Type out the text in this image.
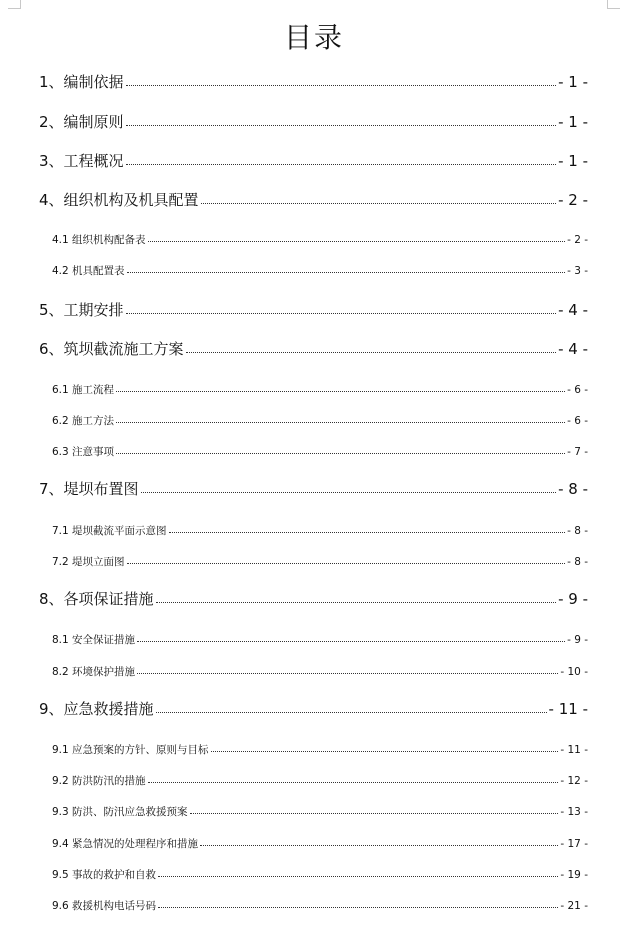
目录
1、编制依据	- 1 -
2、编制原则	- 1 -
3、工程概况	- 1 -
4、组织机构及机具配置	- 2 -
4.1 组织机构配备表	- 2 -
4.2 机具配置表	- 3 -
5、工期安排	- 4 -
6、筑坝截流施工方案	- 4 -
6.1 施工流程	- 6 -
6.2 施工方法	- 6 -
6.3 注意事项	- 7 -
7、堤坝布置图	- 8 -
7.1 堤坝截流平面示意图	- 8 -
7.2 堤坝立面图	- 8 -
8、各项保证措施	- 9 -
8.1 安全保证措施	- 9 -
8.2 环境保护措施	- 10 -
9、应急救援措施	- 11 -
9.1 应急预案的方针、原则与目标	- 11 -
9.2 防洪防汛的措施	- 12 -
9.3 防洪、防汛应急救援预案	- 13 -
9.4 紧急情况的处理程序和措施	- 17 -
9.5 事故的救护和自救	- 19 -
9.6 救援机构电话号码	- 21 -
